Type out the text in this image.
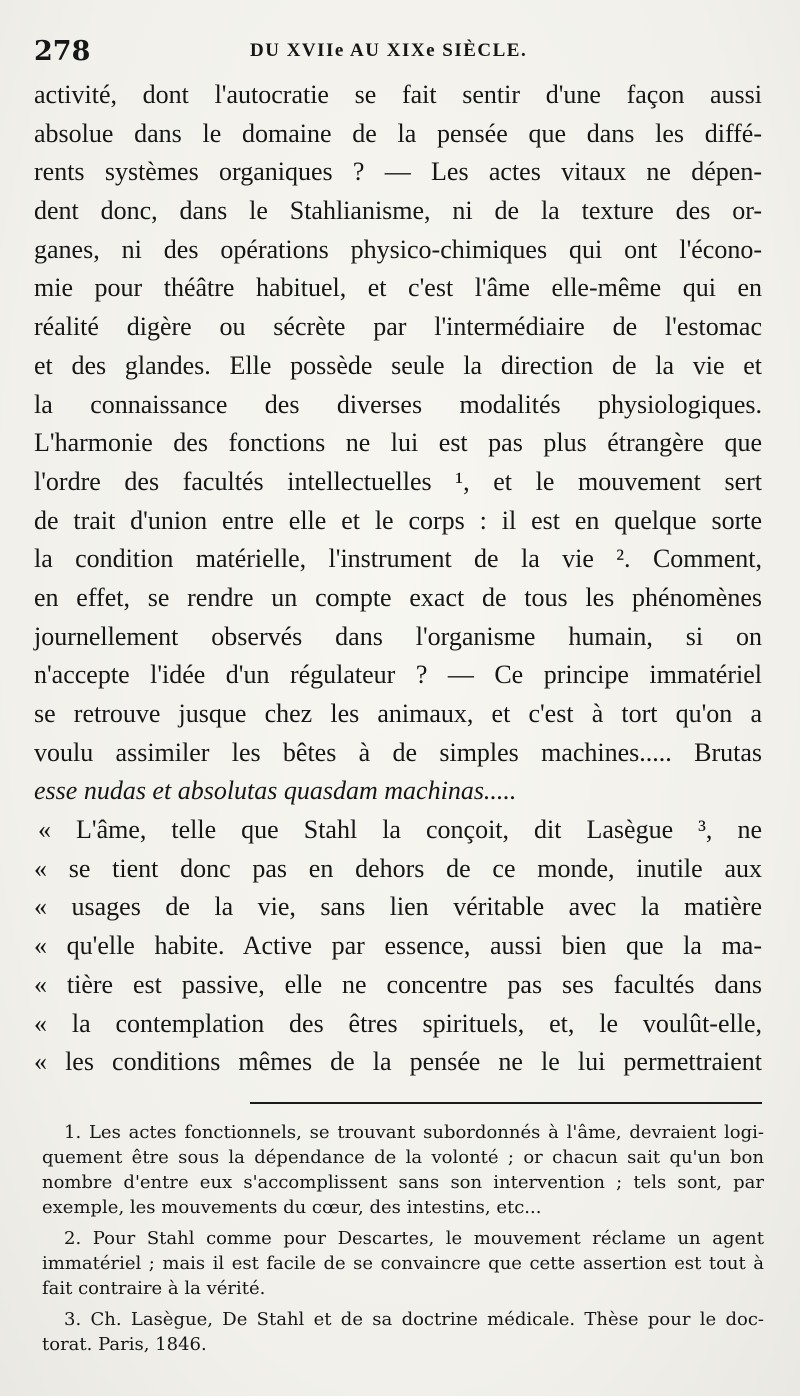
278	DU XVIIe AU XIXe SIÈCLE.
activité, dont l'autocratie se fait sentir d'une façon aussi
absolue dans le domaine de la pensée que dans les diffé-
rents systèmes organiques ? — Les actes vitaux ne dépen-
dent donc, dans le Stahlianisme, ni de la texture des or-
ganes, ni des opérations physico-chimiques qui ont l'écono-
mie pour théâtre habituel, et c'est l'âme elle-même qui en
réalité digère ou sécrète par l'intermédiaire de l'estomac
et des glandes. Elle possède seule la direction de la vie et
la connaissance des diverses modalités physiologiques.
L'harmonie des fonctions ne lui est pas plus étrangère que
l'ordre des facultés intellectuelles ¹, et le mouvement sert
de trait d'union entre elle et le corps : il est en quelque sorte
la condition matérielle, l'instrument de la vie ². Comment,
en effet, se rendre un compte exact de tous les phénomènes
journellement observés dans l'organisme humain, si on
n'accepte l'idée d'un régulateur ? — Ce principe immatériel
se retrouve jusque chez les animaux, et c'est à tort qu'on a
voulu assimiler les bêtes à de simples machines..... Brutas
esse nudas et absolutas quasdam machinas.....
« L'âme, telle que Stahl la conçoit, dit Lasègue ³, ne
« se tient donc pas en dehors de ce monde, inutile aux
« usages de la vie, sans lien véritable avec la matière
« qu'elle habite. Active par essence, aussi bien que la ma-
« tière est passive, elle ne concentre pas ses facultés dans
« la contemplation des êtres spirituels, et, le voulût-elle,
« les conditions mêmes de la pensée ne le lui permettraient
1. Les actes fonctionnels, se trouvant subordonnés à l'âme, devraient logi-
quement être sous la dépendance de la volonté ; or chacun sait qu'un bon
nombre d'entre eux s'accomplissent sans son intervention ; tels sont, par
exemple, les mouvements du cœur, des intestins, etc...
2. Pour Stahl comme pour Descartes, le mouvement réclame un agent
immatériel ; mais il est facile de se convaincre que cette assertion est tout à
fait contraire à la vérité.
3. Ch. Lasègue, De Stahl et de sa doctrine médicale. Thèse pour le doc-
torat. Paris, 1846.
